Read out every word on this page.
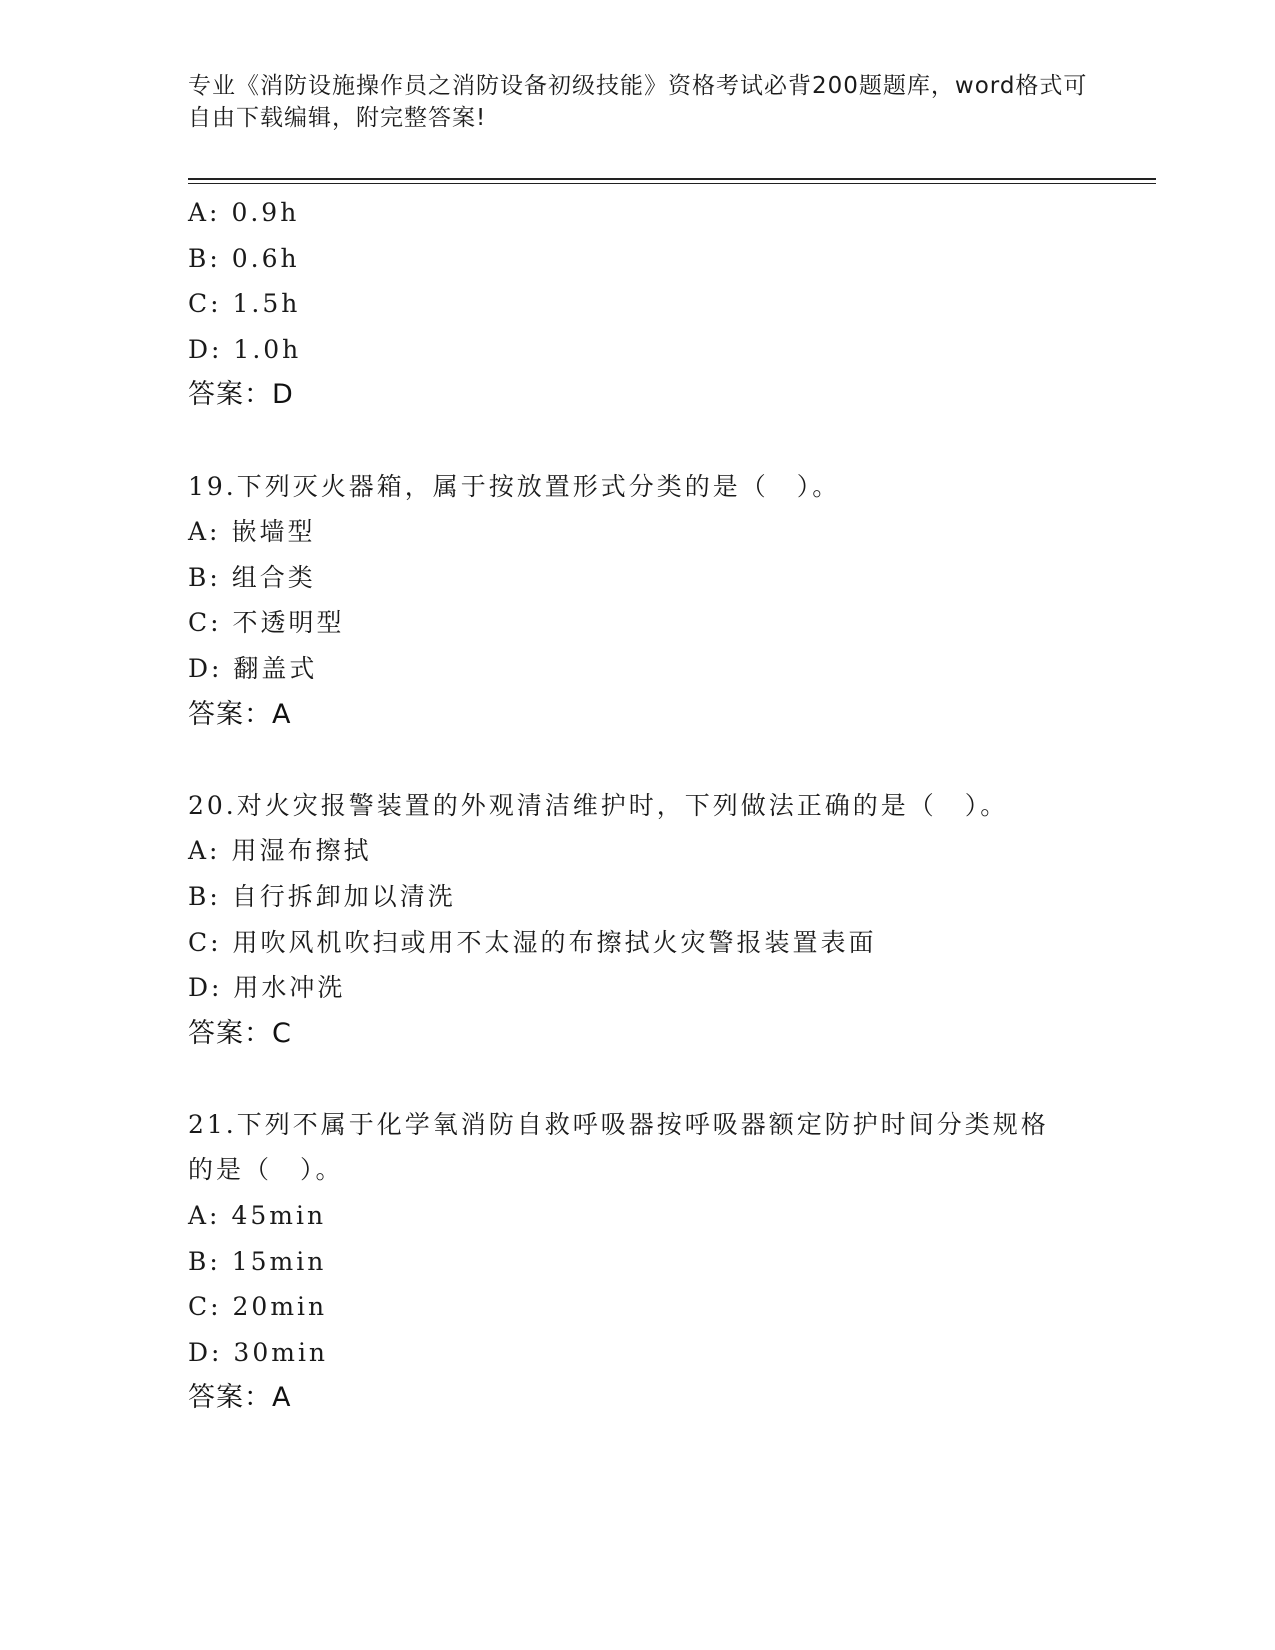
专业《消防设施操作员之消防设备初级技能》资格考试必背200题题库，word格式可自由下载编辑，附完整答案!
A: 0.9h
B: 0.6h
C: 1.5h
D: 1.0h
答案：D
19.下列灭火器箱，属于按放置形式分类的是（　）。
A: 嵌墙型
B: 组合类
C: 不透明型
D: 翻盖式
答案：A
20.对火灾报警装置的外观清洁维护时，下列做法正确的是（　）。
A: 用湿布擦拭
B: 自行拆卸加以清洗
C: 用吹风机吹扫或用不太湿的布擦拭火灾警报装置表面
D: 用水冲洗
答案：C
21.下列不属于化学氧消防自救呼吸器按呼吸器额定防护时间分类规格
的是（　）。
A: 45min
B: 15min
C: 20min
D: 30min
答案：A
